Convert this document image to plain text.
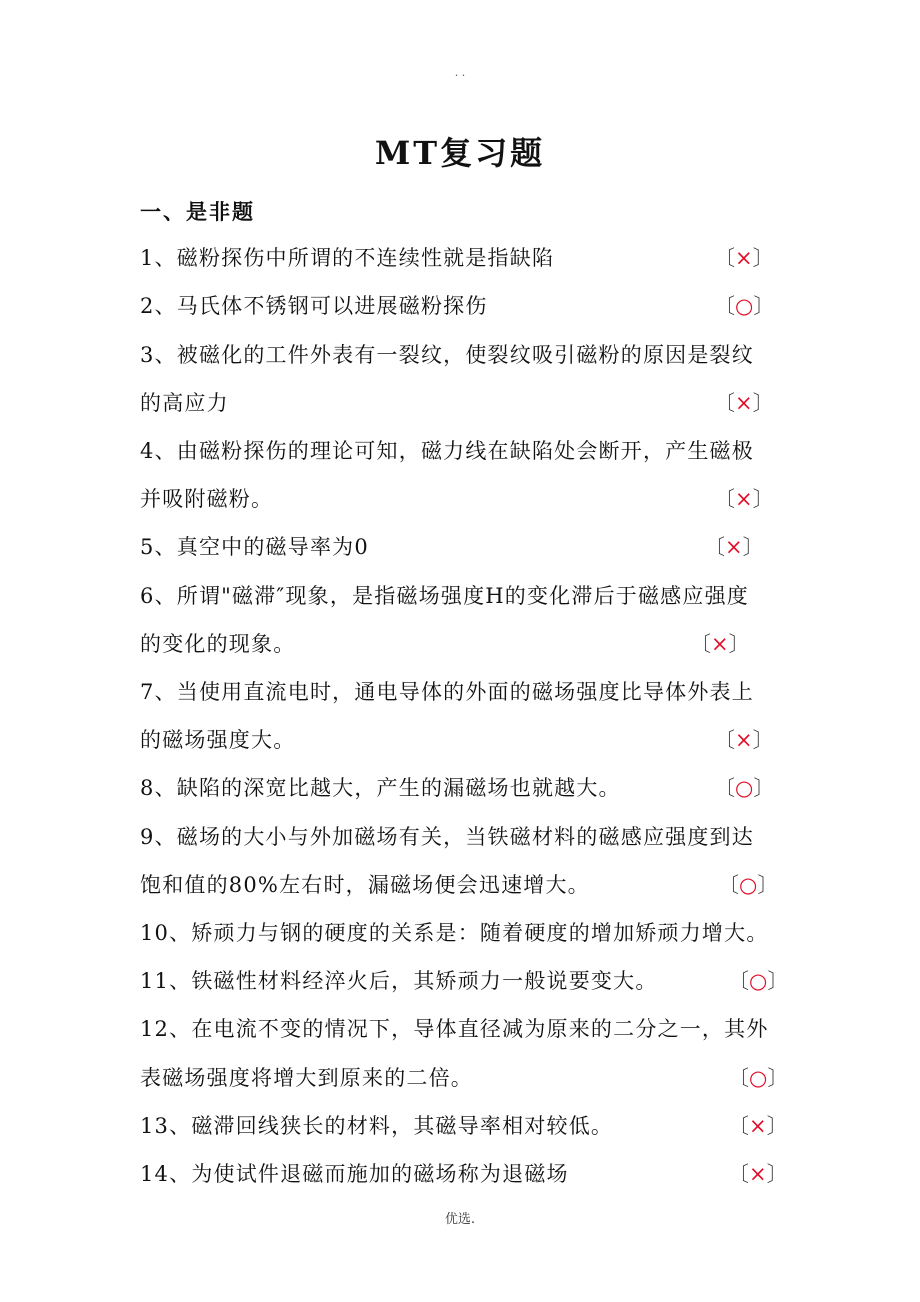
. .
MT复习题
一、是非题
1、磁粉探伤中所谓的不连续性就是指缺陷
2、马氏体不锈钢可以进展磁粉探伤
3、被磁化的工件外表有一裂纹，使裂纹吸引磁粉的原因是裂纹
的高应力
4、由磁粉探伤的理论可知，磁力线在缺陷处会断开，产生磁极
并吸附磁粉。
5、真空中的磁导率为0
6、所谓"磁滞″现象，是指磁场强度H的变化滞后于磁感应强度
的变化的现象。
7、当使用直流电时，通电导体的外面的磁场强度比导体外表上
的磁场强度大。
8、缺陷的深宽比越大，产生的漏磁场也就越大。
9、磁场的大小与外加磁场有关，当铁磁材料的磁感应强度到达
饱和值的80%左右时，漏磁场便会迅速增大。
10、矫顽力与钢的硬度的关系是：随着硬度的增加矫顽力增大。
11、铁磁性材料经淬火后，其矫顽力一般说要变大。
12、在电流不变的情况下，导体直径减为原来的二分之一，其外
表磁场强度将增大到原来的二倍。
13、磁滞回线狭长的材料，其磁导率相对较低。
14、为使试件退磁而施加的磁场称为退磁场
〔×〕
〔○〕
〔×〕
〔×〕
〔×〕
〔×〕
〔×〕
〔○〕
〔○〕
〔○〕
〔○〕
〔×〕
〔×〕
优选.
